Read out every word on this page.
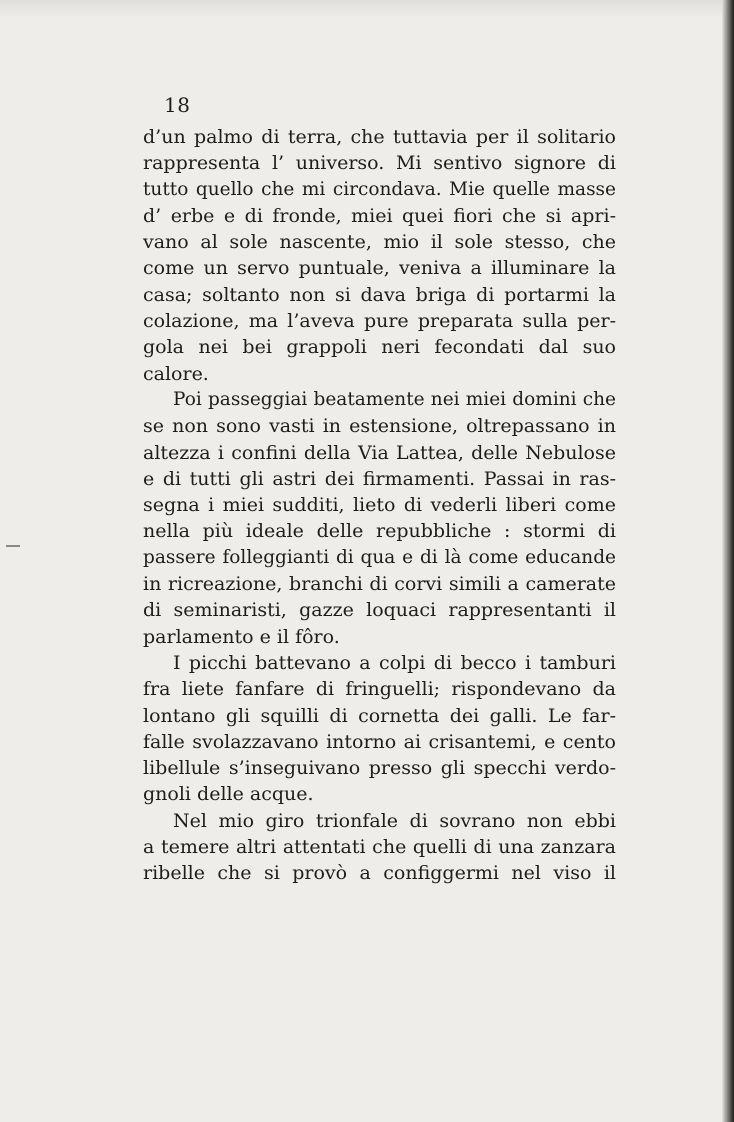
18
d’un palmo di terra, che tuttavia per il solitario
rappresenta l’ universo. Mi sentivo signore di
tutto quello che mi circondava. Mie quelle masse
d’ erbe e di fronde, miei quei fiori che si apri-
vano al sole nascente, mio il sole stesso, che
come un servo puntuale, veniva a illuminare la
casa; soltanto non si dava briga di portarmi la
colazione, ma l’aveva pure preparata sulla per-
gola nei bei grappoli neri fecondati dal suo
calore.
Poi passeggiai beatamente nei miei domini che
se non sono vasti in estensione, oltrepassano in
altezza i confini della Via Lattea, delle Nebulose
e di tutti gli astri dei firmamenti. Passai in ras-
segna i miei sudditi, lieto di vederli liberi come
nella più ideale delle repubbliche : stormi di
passere folleggianti di qua e di là come educande
in ricreazione, branchi di corvi simili a camerate
di seminaristi, gazze loquaci rappresentanti il
parlamento e il fôro.
I picchi battevano a colpi di becco i tamburi
fra liete fanfare di fringuelli; rispondevano da
lontano gli squilli di cornetta dei galli. Le far-
falle svolazzavano intorno ai crisantemi, e cento
libellule s’inseguivano presso gli specchi verdo-
gnoli delle acque.
Nel mio giro trionfale di sovrano non ebbi
a temere altri attentati che quelli di una zanzara
ribelle che si provò a configgermi nel viso il
